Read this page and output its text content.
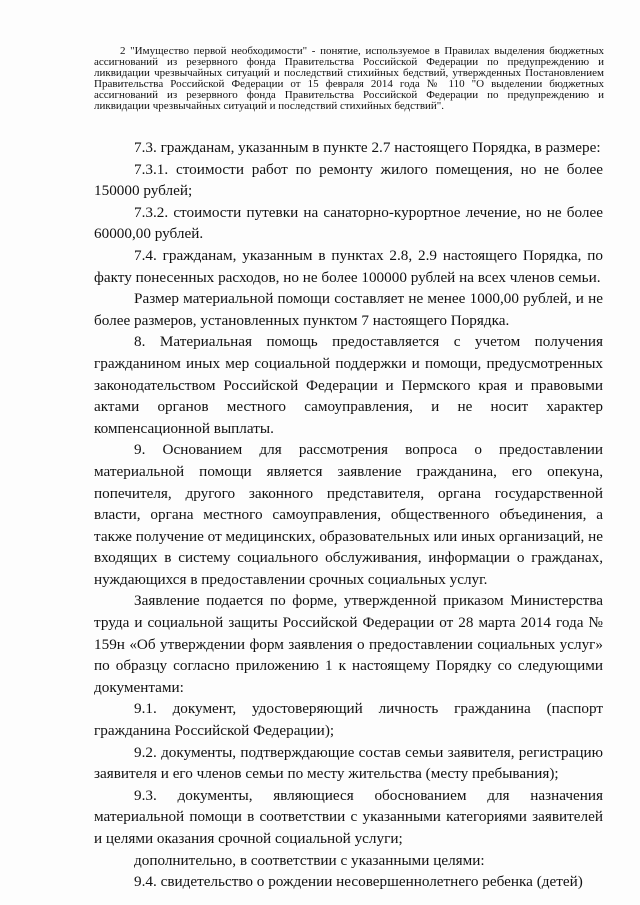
2 "Имущество первой необходимости" - понятие, используемое в Правилах выделения бюджетных ассигнований из резервного фонда Правительства Российской Федерации по предупреждению и ликвидации чрезвычайных ситуаций и последствий стихийных бедствий, утвержденных Постановлением Правительства Российской Федерации от 15 февраля 2014 года № 110 "О выделении бюджетных ассигнований из резервного фонда Правительства Российской Федерации по предупреждению и ликвидации чрезвычайных ситуаций и последствий стихийных бедствий".

7.3. гражданам, указанным в пункте 2.7 настоящего Порядка, в размере:

7.3.1. стоимости работ по ремонту жилого помещения, но не более 150000 рублей;

7.3.2. стоимости путевки на санаторно-курортное лечение, но не более 60000,00 рублей.

7.4. гражданам, указанным в пунктах 2.8, 2.9 настоящего Порядка, по факту понесенных расходов, но не более 100000 рублей на всех членов семьи.

Размер материальной помощи составляет не менее 1000,00 рублей, и не более размеров, установленных пунктом 7 настоящего Порядка.

8. Материальная помощь предоставляется с учетом получения гражданином иных мер социальной поддержки и помощи, предусмотренных законодательством Российской Федерации и Пермского края и правовыми актами органов местного самоуправления, и не носит характер компенсационной выплаты.

9. Основанием для рассмотрения вопроса о предоставлении материальной помощи является заявление гражданина, его опекуна, попечителя, другого законного представителя, органа государственной власти, органа местного самоуправления, общественного объединения, а также получение от медицинских, образовательных или иных организаций, не входящих в систему социального обслуживания, информации о гражданах, нуждающихся в предоставлении срочных социальных услуг.

Заявление подается по форме, утвержденной приказом Министерства труда и социальной защиты Российской Федерации от 28 марта 2014 года № 159н «Об утверждении форм заявления о предоставлении социальных услуг» по образцу согласно приложению 1 к настоящему Порядку со следующими документами:

9.1. документ, удостоверяющий личность гражданина (паспорт гражданина Российской Федерации);

9.2. документы, подтверждающие состав семьи заявителя, регистрацию заявителя и его членов семьи по месту жительства (месту пребывания);

9.3. документы, являющиеся обоснованием для назначения материальной помощи в соответствии с указанными категориями заявителей и целями оказания срочной социальной услуги;

дополнительно, в соответствии с указанными целями:

9.4. свидетельство о рождении несовершеннолетнего ребенка (детей)
